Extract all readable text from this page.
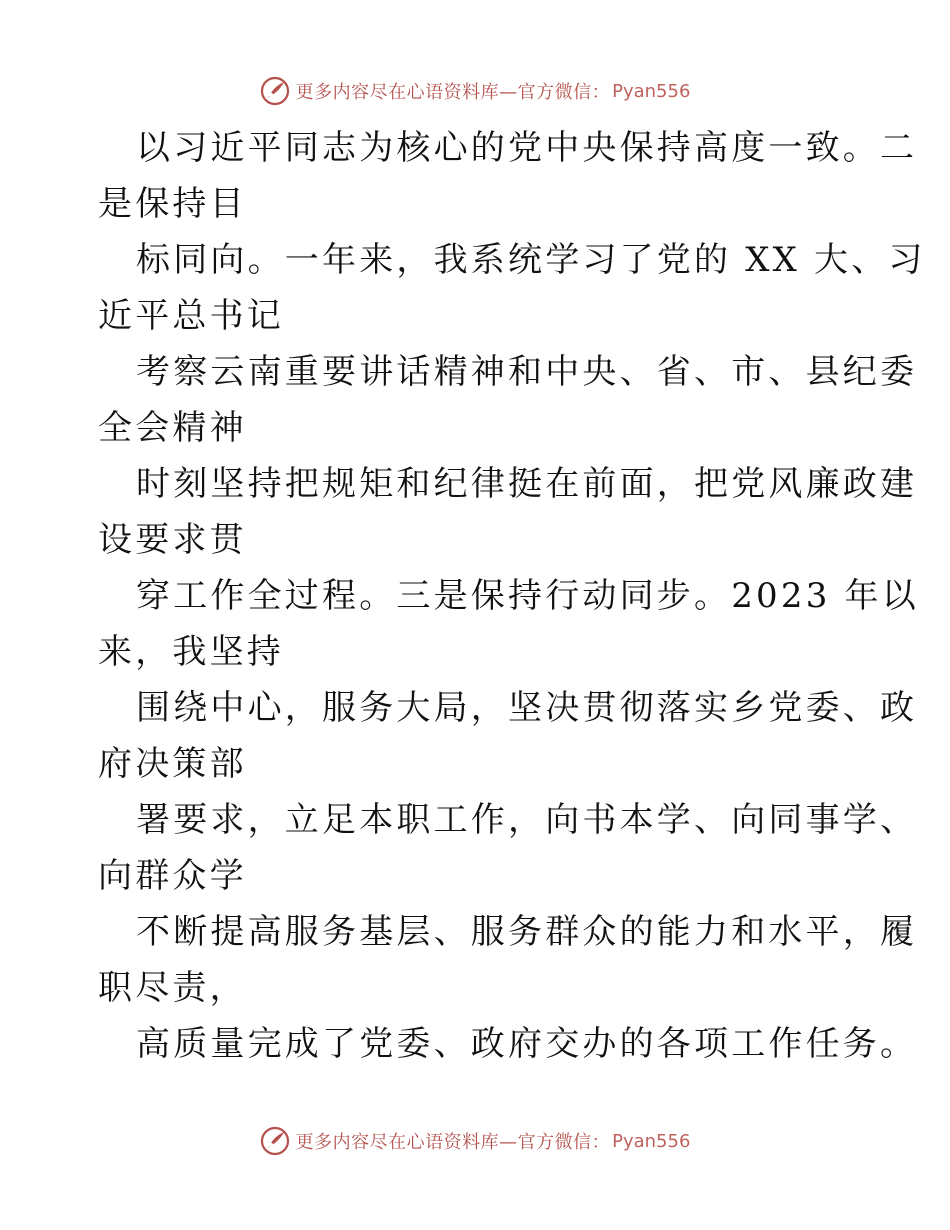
更多内容尽在心语资料库—官方微信： Pyan556
以习近平同志为核心的党中央保持高度一致。二
是保持目
标同向。一年来，我系统学习了党的 XX 大、习
近平总书记
考察云南重要讲话精神和中央、省、市、县纪委
全会精神
时刻坚持把规矩和纪律挺在前面，把党风廉政建
设要求贯
穿工作全过程。三是保持行动同步。2023 年以
来，我坚持
围绕中心，服务大局，坚决贯彻落实乡党委、政
府决策部
署要求，立足本职工作，向书本学、向同事学、
向群众学
不断提高服务基层、服务群众的能力和水平，履
职尽责，
高质量完成了党委、政府交办的各项工作任务。
更多内容尽在心语资料库—官方微信： Pyan556
